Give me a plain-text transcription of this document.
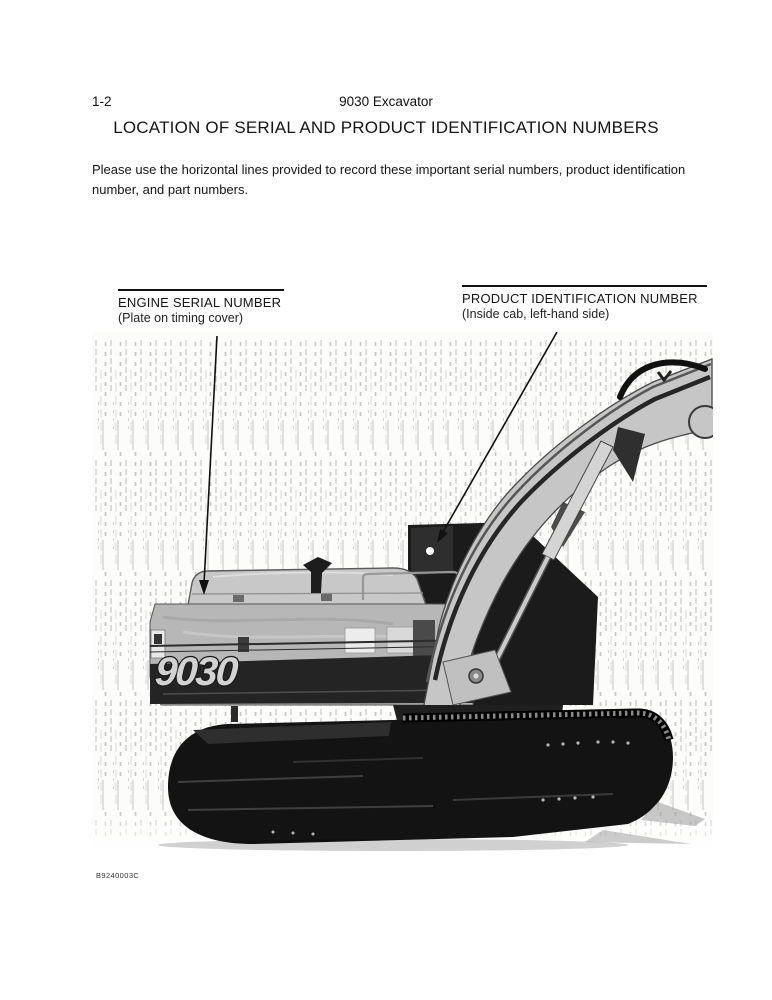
1-2	9030 Excavator
LOCATION OF SERIAL AND PRODUCT IDENTIFICATION NUMBERS

Please use the horizontal lines provided to record these important serial numbers, product identification number, and part numbers.

ENGINE SERIAL NUMBER
(Plate on timing cover)
PRODUCT IDENTIFICATION NUMBER
(Inside cab, left-hand side)
9030
B9240003C
